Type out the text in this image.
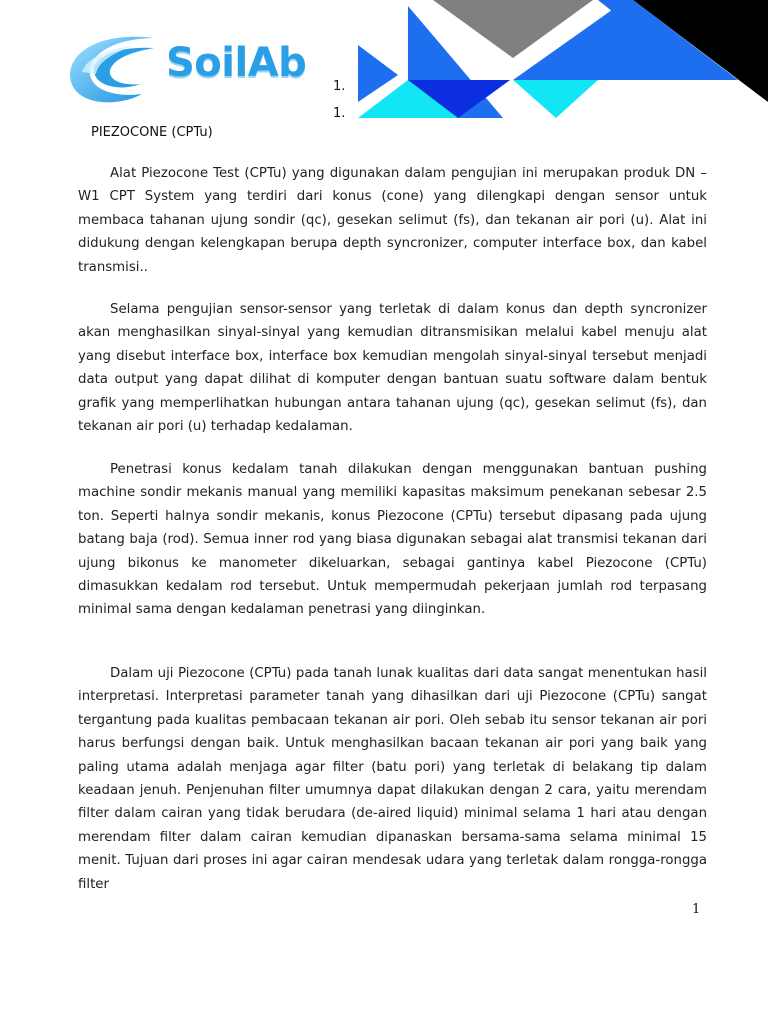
SoilAb
1.
1.
PIEZOCONE (CPTu)

Alat Piezocone Test (CPTu) yang digunakan dalam pengujian ini merupakan produk DN – W1 CPT System yang terdiri dari konus (cone) yang dilengkapi dengan sensor untuk membaca tahanan ujung sondir (qc), gesekan selimut (fs), dan tekanan air pori (u). Alat ini didukung dengan kelengkapan berupa depth syncronizer, computer interface box, dan kabel transmisi..

Selama pengujian sensor-sensor yang terletak di dalam konus dan depth syncronizer akan menghasilkan sinyal-sinyal yang kemudian ditransmisikan melalui kabel menuju alat yang disebut interface box, interface box kemudian mengolah sinyal-sinyal tersebut menjadi data output yang dapat dilihat di komputer dengan bantuan suatu software dalam bentuk grafik yang memperlihatkan hubungan antara tahanan ujung (qc), gesekan selimut (fs), dan tekanan air pori (u) terhadap kedalaman.

Penetrasi konus kedalam tanah dilakukan dengan menggunakan bantuan pushing machine sondir mekanis manual yang memiliki kapasitas maksimum penekanan sebesar 2.5 ton. Seperti halnya sondir mekanis, konus Piezocone (CPTu) tersebut dipasang pada ujung batang baja (rod). Semua inner rod yang biasa digunakan sebagai alat transmisi tekanan dari ujung bikonus ke manometer dikeluarkan, sebagai gantinya kabel Piezocone (CPTu) dimasukkan kedalam rod tersebut. Untuk mempermudah pekerjaan jumlah rod terpasang minimal sama dengan kedalaman penetrasi yang diinginkan.

Dalam uji Piezocone (CPTu) pada tanah lunak kualitas dari data sangat menentukan hasil interpretasi. Interpretasi parameter tanah yang dihasilkan dari uji Piezocone (CPTu) sangat tergantung pada kualitas pembacaan tekanan air pori. Oleh sebab itu sensor tekanan air pori harus berfungsi dengan baik. Untuk menghasilkan bacaan tekanan air pori yang baik yang paling utama adalah menjaga agar filter (batu pori) yang terletak di belakang tip dalam keadaan jenuh. Penjenuhan filter umumnya dapat dilakukan dengan 2 cara, yaitu merendam filter dalam cairan yang tidak berudara (de-aired liquid) minimal selama 1 hari atau dengan merendam filter dalam cairan kemudian dipanaskan bersama-sama selama minimal 15 menit. Tujuan dari proses ini agar cairan mendesak udara yang terletak dalam rongga-rongga filter

1
